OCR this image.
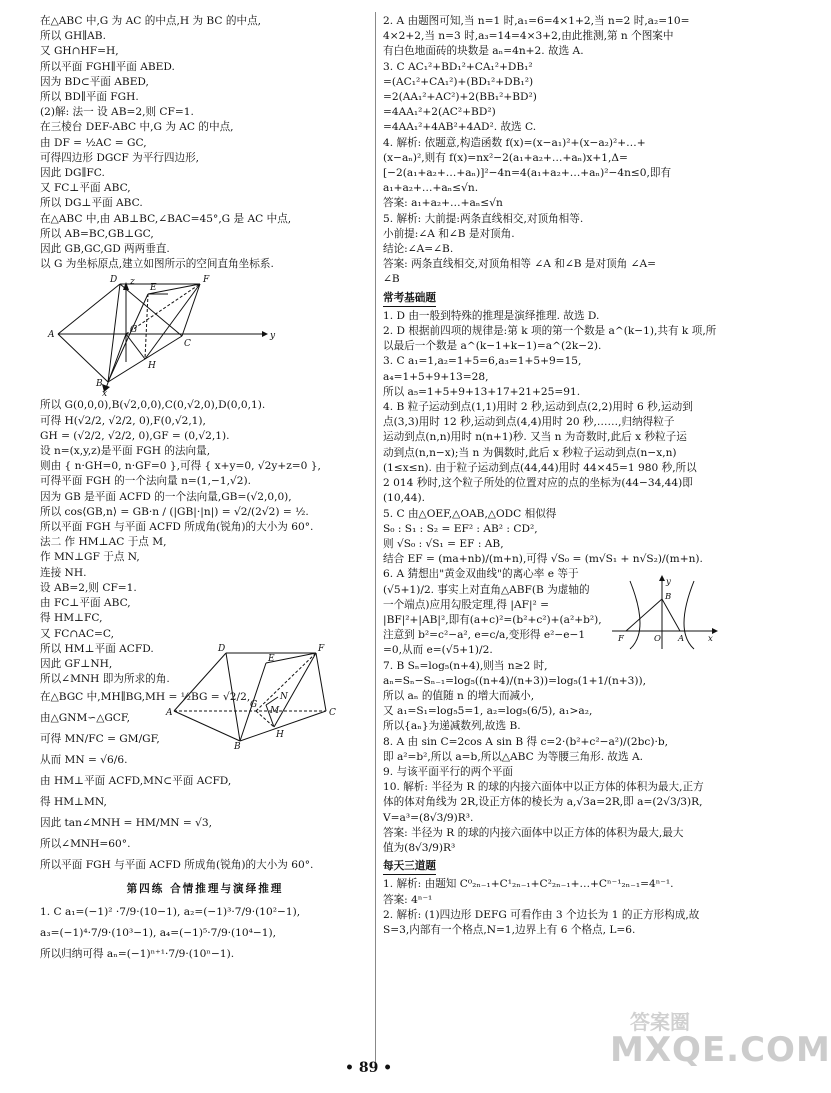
在△ABC 中,G 为 AC 的中点,H 为 BC 的中点,
所以 GH∥AB.
又 GH∩HF=H,
所以平面 FGH∥平面 ABED.
因为 BD⊂平面 ABED,
所以 BD∥平面 FGH.
(2)解: 法一 设 AB=2,则 CF=1.
在三棱台 DEF-ABC 中,G 为 AC 的中点,
由 DF = ½AC = GC,
可得四边形 DGCF 为平行四边形,
因此 DG∥FC.
又 FC⊥平面 ABC,
所以 DG⊥平面 ABC.
在△ABC 中,由 AB⊥BC,∠BAC=45°,G 是 AC 中点,
所以 AB=BC,GB⊥GC,
因此 GB,GC,GD 两两垂直.
以 G 为坐标原点,建立如图所示的空间直角坐标系.
D
E
F
A	G
B
H
C
x
y
z
所以 G(0,0,0),B(√2,0,0),C(0,√2,0),D(0,0,1).
可得 H(√2/2, √2/2, 0),F(0,√2,1),
GH = (√2/2, √2/2, 0),GF = (0,√2,1).
设 n=(x,y,z)是平面 FGH 的法向量,
则由 { n·GH=0, n·GF=0 },可得 { x+y=0, √2y+z=0 },
可得平面 FGH 的一个法向量 n=(1,−1,√2).
因为 GB 是平面 ACFD 的一个法向量,GB=(√2,0,0),
所以 cos⟨GB,n⟩ = GB·n / (|GB|·|n|) = √2/(2√2) = ½.
所以平面 FGH 与平面 ACFD 所成角(锐角)的大小为 60°.
法二 作 HM⊥AC 于点 M,
作 MN⊥GF 于点 N,
连接 NH.
设 AB=2,则 CF=1.
由 FC⊥平面 ABC,
得 HM⊥FC,
又 FC∩AC=C,
所以 HM⊥平面 ACFD.
因此 GF⊥NH,
所以∠MNH 即为所求的角.
D
E
F
A
G
M
N
H
C
B
在△BGC 中,MH∥BG,MH = ½BG = √2/2,
由△GNM∽△GCF,
可得 MN/FC = GM/GF,
从而 MN = √6/6.
由 HM⊥平面 ACFD,MN⊂平面 ACFD,
得 HM⊥MN,
因此 tan∠MNH = HM/MN = √3,
所以∠MNH=60°.
所以平面 FGH 与平面 ACFD 所成角(锐角)的大小为 60°.
第四练 合情推理与演绎推理
1. C a₁=(−1)² ·7/9·(10−1), a₂=(−1)³·7/9·(10²−1),
a₃=(−1)⁴·7/9·(10³−1), a₄=(−1)⁵·7/9·(10⁴−1),
所以归纳可得 aₙ=(−1)ⁿ⁺¹·7/9·(10ⁿ−1).
2. A 由题图可知,当 n=1 时,a₁=6=4×1+2,当 n=2 时,a₂=10=
4×2+2,当 n=3 时,a₃=14=4×3+2,由此推测,第 n 个图案中
有白色地面砖的块数是 aₙ=4n+2. 故选 A.
3. C AC₁²+BD₁²+CA₁²+DB₁²
=(AC₁²+CA₁²)+(BD₁²+DB₁²)
=2(AA₁²+AC²)+2(BB₁²+BD²)
=4AA₁²+2(AC²+BD²)
=4AA₁²+4AB²+4AD². 故选 C.
4. 解析: 依题意,构造函数 f(x)=(x−a₁)²+(x−a₂)²+…+
(x−aₙ)²,则有 f(x)=nx²−2(a₁+a₂+…+aₙ)x+1,Δ=
[−2(a₁+a₂+…+aₙ)]²−4n=4(a₁+a₂+…+aₙ)²−4n≤0,即有
a₁+a₂+…+aₙ≤√n.
答案: a₁+a₂+…+aₙ≤√n
5. 解析: 大前提:两条直线相交,对顶角相等.
小前提:∠A 和∠B 是对顶角.
结论:∠A=∠B.
答案: 两条直线相交,对顶角相等 ∠A 和∠B 是对顶角 ∠A=
∠B
常考基础题
1. D 由一般到特殊的推理是演绎推理. 故选 D.
2. D 根据前四项的规律是:第 k 项的第一个数是 a^(k−1),共有 k 项,所
以最后一个数是 a^(k−1+k−1)=a^(2k−2).
3. C a₁=1,a₂=1+5=6,a₃=1+5+9=15,
a₄=1+5+9+13=28,
所以 a₅=1+5+9+13+17+21+25=91.
4. B 粒子运动到点(1,1)用时 2 秒,运动到点(2,2)用时 6 秒,运动到
点(3,3)用时 12 秒,运动到点(4,4)用时 20 秒,……,归纳得粒子
运动到点(n,n)用时 n(n+1)秒. 又当 n 为奇数时,此后 x 秒粒子运
动到点(n,n−x);当 n 为偶数时,此后 x 秒粒子运动到点(n−x,n)
(1≤x≤n). 由于粒子运动到点(44,44)用时 44×45=1 980 秒,所以
2 014 秒时,这个粒子所处的位置对应的点的坐标为(44−34,44)即
(10,44).
5. C 由△OEF,△OAB,△ODC 相似得
S₀ : S₁ : S₂ = EF² : AB² : CD²,
则 √S₀ : √S₁ = EF : AB,
结合 EF = (ma+nb)/(m+n),可得 √S₀ = (m√S₁ + n√S₂)/(m+n).
6. A 猜想出"黄金双曲线"的离心率 e 等于
(√5+1)/2. 事实上对直角△ABF(B 为虚轴的
一个端点)应用勾股定理,得 |AF|² =
|BF|²+|AB|²,即有(a+c)²=(b²+c²)+(a²+b²),
注意到 b²=c²−a², e=c/a,变形得 e²−e−1
=0,从而 e=(√5+1)/2.
7. B Sₙ=log₅(n+4),则当 n≥2 时,
aₙ=Sₙ−Sₙ₋₁=log₅((n+4)/(n+3))=log₅(1+1/(n+3)),
所以 aₙ 的值随 n 的增大而减小,
又 a₁=S₁=log₅5=1, a₂=log₅(6/5), a₁>a₂,
所以{aₙ}为递减数列,故选 B.
8. A 由 sin C=2cos A sin B 得 c=2·(b²+c²−a²)/(2bc)·b,
即 a²=b²,所以 a=b,所以△ABC 为等腰三角形. 故选 A.
9. 与该平面平行的两个平面
10. 解析: 半径为 R 的球的内接六面体中以正方体的体积为最大,正方
体的体对角线为 2R,设正方体的棱长为 a,√3a=2R,即 a=(2√3/3)R,
V=a³=(8√3/9)R³.
答案: 半径为 R 的球的内接六面体中以正方体的体积为最大,最大
值为(8√3/9)R³
每天三道题
1. 解析: 由题知 C⁰₂ₙ₋₁+C¹₂ₙ₋₁+C²₂ₙ₋₁+…+Cⁿ⁻¹₂ₙ₋₁=4ⁿ⁻¹.
答案: 4ⁿ⁻¹
2. 解析: (1)四边形 DEFG 可看作由 3 个边长为 1 的正方形构成,故
S=3,内部有一个格点,N=1,边界上有 6 个格点, L=6.
y
B
F	O A	x
答案圈
MXQE.COM
• 89 •
